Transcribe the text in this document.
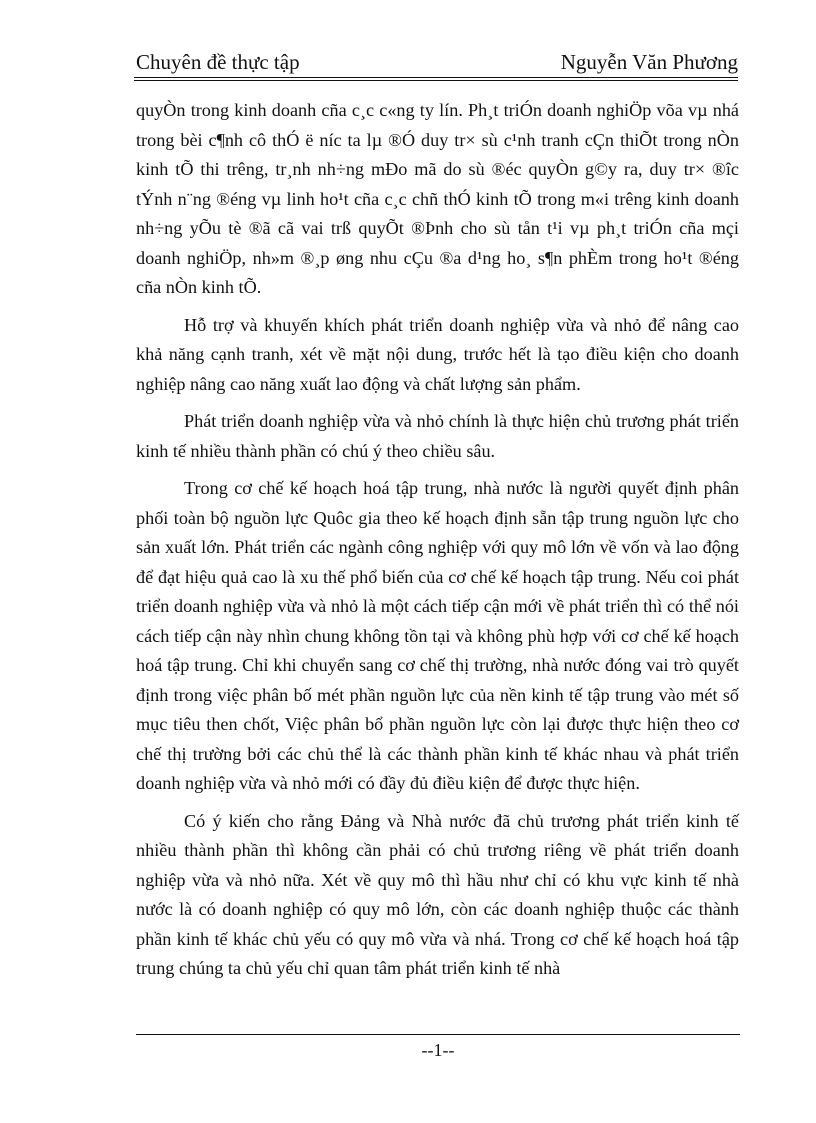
Chuyên đề thực tập	Nguyễn Văn Phương

quyÒn trong kinh doanh cña c¸c c«ng ty lín. Ph¸t triÓn doanh nghiÖp võa vµ nhá trong bèi c¶nh cô thÓ ë níc ta lµ ®Ó duy tr× sù c¹nh tranh cÇn thiÕt trong nÒn kinh tÕ thi trêng, tr¸nh nh÷ng mÐo mã do sù ®éc quyÒn g©y ra, duy tr× ®îc tÝnh n¨ng ®éng vµ linh ho¹t cña c¸c chñ thÓ kinh tÕ trong m«i trêng kinh doanh nh÷ng yÕu tè ®ã cã vai trß quyÕt ®Þnh cho sù tån t¹i vµ ph¸t triÓn cña mçi doanh nghiÖp, nh»m ®¸p øng nhu cÇu ®a d¹ng ho¸ s¶n phÈm trong ho¹t ®éng cña nÒn kinh tÕ.

Hỗ trợ và khuyến khích phát triển doanh nghiệp vừa và nhỏ để nâng cao khả năng cạnh tranh, xét về mặt nội dung, trước hết là tạo điều kiện cho doanh nghiệp nâng cao năng xuất lao động và chất lượng sản phẩm.

Phát triển doanh nghiệp vừa và nhỏ chính là thực hiện chủ trương phát triển kinh tế nhiều thành phần có chú ý theo chiều sâu.

Trong cơ chế kế hoạch hoá tập trung, nhà nước là người quyết định phân phối toàn bộ nguồn lực Quôc gia theo kế hoạch định sẵn tập trung nguồn lực cho sản xuất lớn. Phát triển các ngành công nghiệp với quy mô lớn về vốn và lao động để đạt hiệu quả cao là xu thế phổ biến của cơ chế kế hoạch tập trung. Nếu coi phát triển doanh nghiệp vừa và nhỏ là một cách tiếp cận mới về phát triển thì có thể nói cách tiếp cận này nhìn chung không tồn tại và không phù hợp với cơ chế kế hoạch hoá tập trung. Chỉ khi chuyển sang cơ chế thị trường, nhà nước đóng vai trò quyết định trong việc phân bố mét phần nguồn lực của nền kinh tế tập trung vào mét số mục tiêu then chốt, Việc phân bổ phần nguồn lực còn lại được thực hiện theo cơ chế thị trường bởi các chủ thể là các thành phần kinh tế khác nhau và phát triển doanh nghiệp vừa và nhỏ mới có đầy đủ điều kiện để được thực hiện.

Có ý kiến cho rằng Đảng và Nhà nước đã chủ trương phát triển kinh tế nhiều thành phần thì không cần phải có chủ trương riêng về phát triển doanh nghiệp vừa và nhỏ nữa. Xét về quy mô thì hầu như chỉ có khu vực kinh tế nhà nước là có doanh nghiệp có quy mô lớn, còn các doanh nghiệp thuộc các thành phần kinh tế khác chủ yếu có quy mô vừa và nhá. Trong cơ chế kế hoạch hoá tập trung chúng ta chủ yếu chỉ quan tâm phát triển kinh tế nhà

--1--
